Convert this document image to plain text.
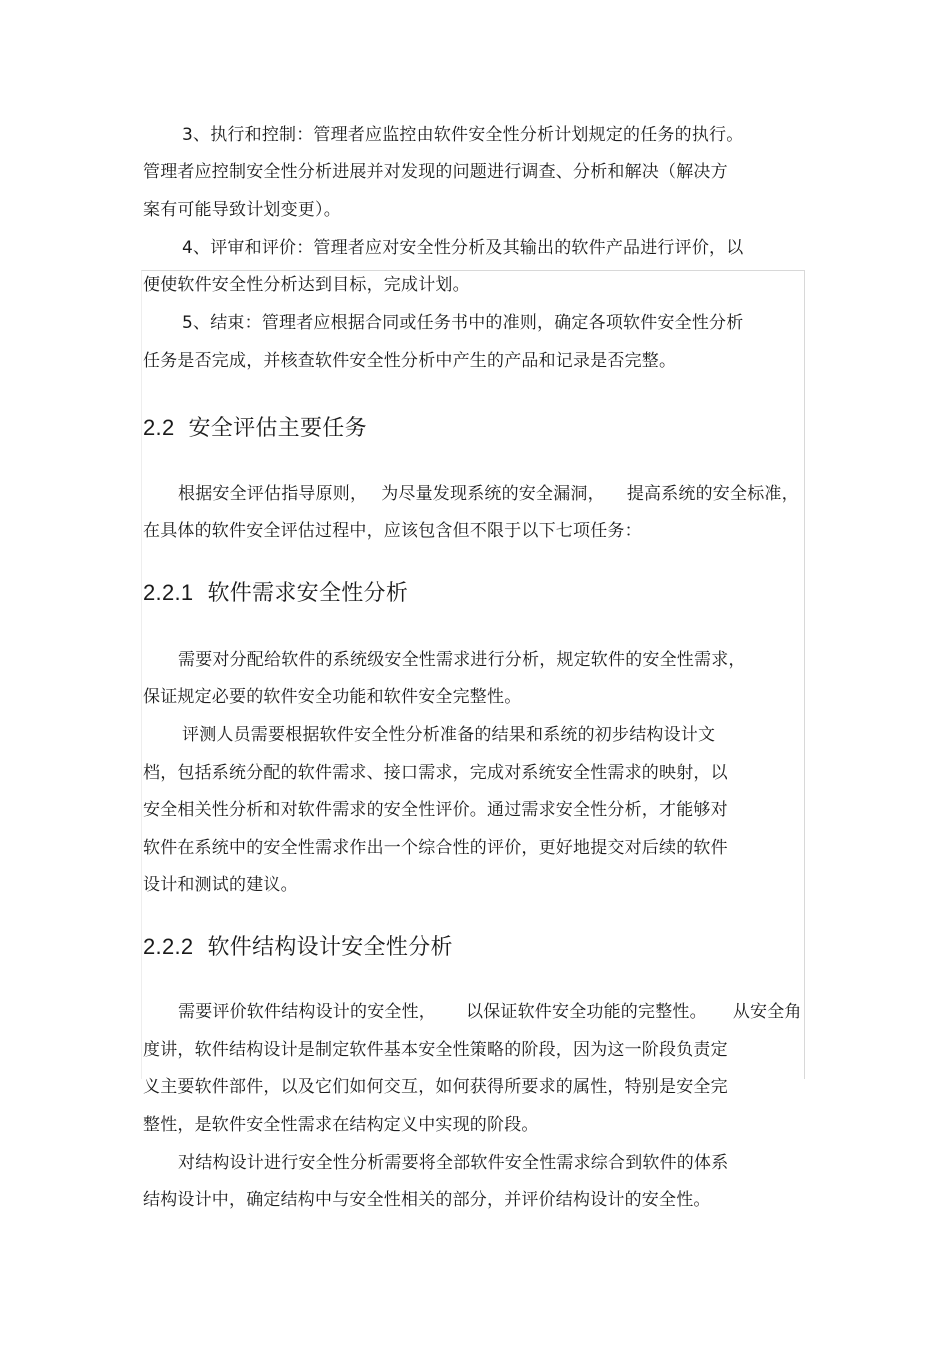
3、执行和控制：管理者应监控由软件安全性分析计划规定的任务的执行。
管理者应控制安全性分析进展并对发现的问题进行调查、分析和解决（解决方
案有可能导致计划变更）。
4、评审和评价：管理者应对安全性分析及其输出的软件产品进行评价，以
便使软件安全性分析达到目标，完成计划。
5、结束：管理者应根据合同或任务书中的准则，确定各项软件安全性分析
任务是否完成，并核查软件安全性分析中产生的产品和记录是否完整。
2.2 安全评估主要任务
根据安全评估指导原则， 为尽量发现系统的安全漏洞， 提高系统的安全标准，
在具体的软件安全评估过程中，应该包含但不限于以下七项任务：
2.2.1 软件需求安全性分析
需要对分配给软件的系统级安全性需求进行分析，规定软件的安全性需求，
保证规定必要的软件安全功能和软件安全完整性。
评测人员需要根据软件安全性分析准备的结果和系统的初步结构设计文
档，包括系统分配的软件需求、接口需求，完成对系统安全性需求的映射，以
安全相关性分析和对软件需求的安全性评价。通过需求安全性分析，才能够对
软件在系统中的安全性需求作出一个综合性的评价，更好地提交对后续的软件
设计和测试的建议。
2.2.2 软件结构设计安全性分析
需要评价软件结构设计的安全性， 以保证软件安全功能的完整性。 从安全角
度讲，软件结构设计是制定软件基本安全性策略的阶段，因为这一阶段负责定
义主要软件部件，以及它们如何交互，如何获得所要求的属性，特别是安全完
整性，是软件安全性需求在结构定义中实现的阶段。
对结构设计进行安全性分析需要将全部软件安全性需求综合到软件的体系
结构设计中，确定结构中与安全性相关的部分，并评价结构设计的安全性。
